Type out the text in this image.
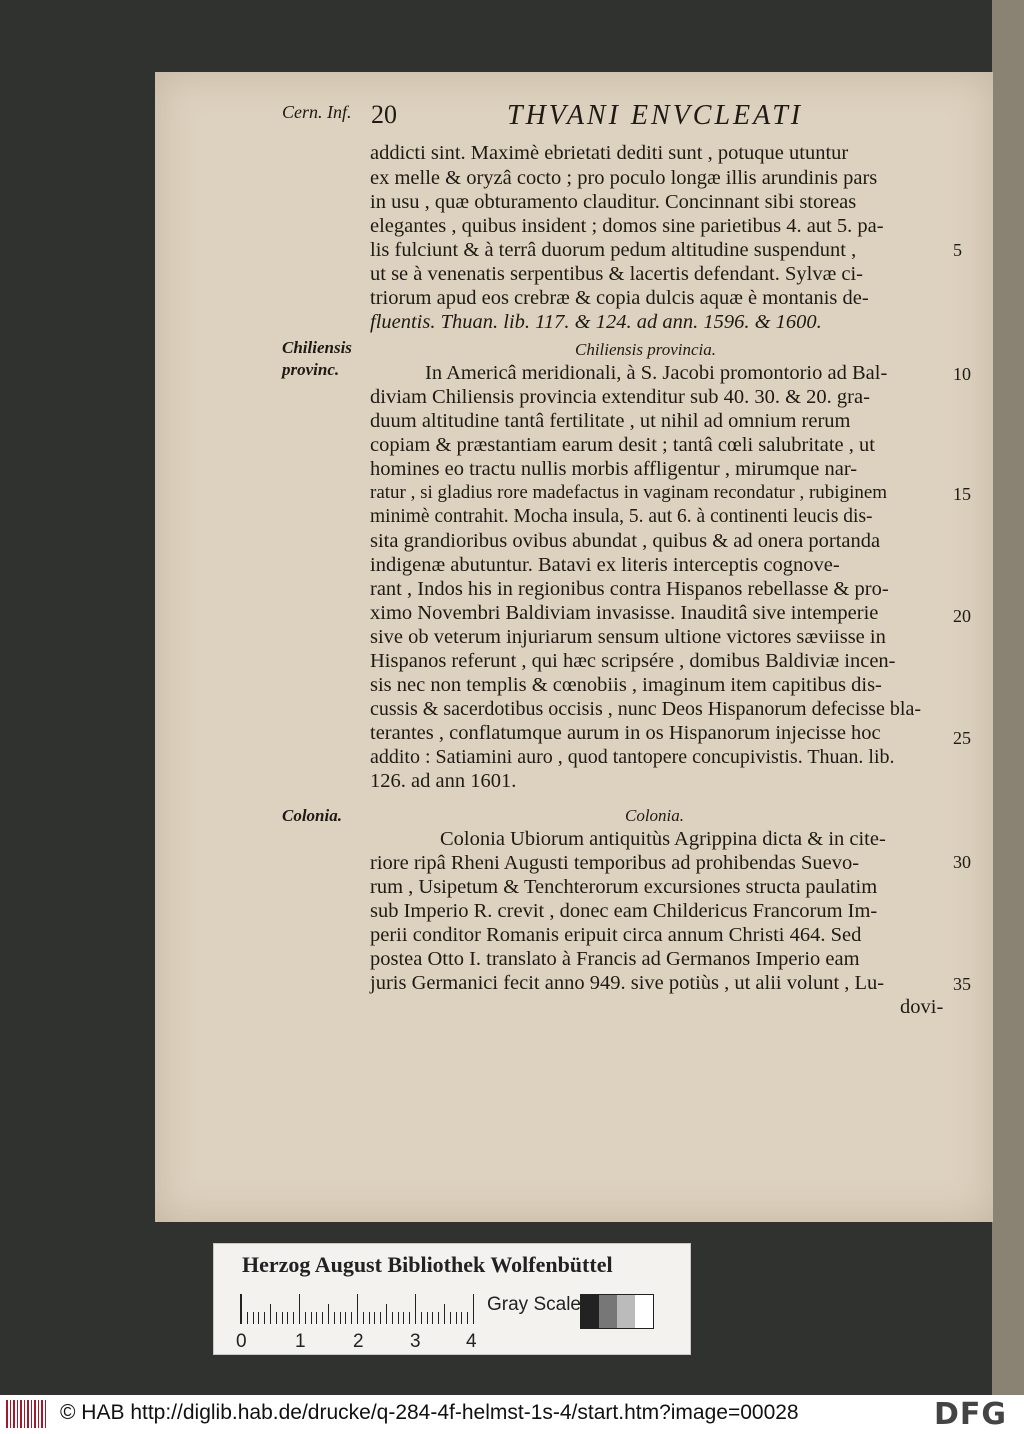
Cern. Inf. 20	THVANI ENVCLEATI
addicti sint. Maximè ebrietati dediti sunt , potuque utuntur
ex melle & oryzâ cocto ; pro poculo longæ illis arundinis pars
in usu , quæ obturamento clauditur. Concinnant sibi storeas
elegantes , quibus insident ; domos sine parietibus 4. aut 5. pa-
lis fulciunt & à terrâ duorum pedum altitudine suspendunt ,
ut se à venenatis serpentibus & lacertis defendant. Sylvæ ci-
triorum apud eos crebræ & copia dulcis aquæ è montanis de-
fluentis. Thuan. lib. 117. & 124. ad ann. 1596. & 1600.
Chiliensis
provinc.
Chiliensis provincia.
In Americâ meridionali, à S. Jacobi promontorio ad Bal-
diviam Chiliensis provincia extenditur sub 40. 30. & 20. gra-
duum altitudine tantâ fertilitate , ut nihil ad omnium rerum
copiam & præstantiam earum desit ; tantâ cœli salubritate , ut
homines eo tractu nullis morbis affligentur , mirumque nar-
ratur , si gladius rore madefactus in vaginam recondatur , rubiginem
minimè contrahit. Mocha insula, 5. aut 6. à continenti leucis dis-
sita grandioribus ovibus abundat , quibus & ad onera portanda
indigenæ abutuntur. Batavi ex literis interceptis cognove-
rant , Indos his in regionibus contra Hispanos rebellasse & pro-
ximo Novembri Baldiviam invasisse. Inauditâ sive intemperie
sive ob veterum injuriarum sensum ultione victores sæviisse in
Hispanos referunt , qui hæc scripsére , domibus Baldiviæ incen-
sis nec non templis & cœnobiis , imaginum item capitibus dis-
cussis & sacerdotibus occisis , nunc Deos Hispanorum defecisse bla-
terantes , conflatumque aurum in os Hispanorum injecisse hoc
addito : Satiamini auro , quod tantopere concupivistis. Thuan. lib.
126. ad ann 1601.
Colonia.	Colonia.
Colonia Ubiorum antiquitùs Agrippina dicta & in cite-
riore ripâ Rheni Augusti temporibus ad prohibendas Suevo-
rum , Usipetum & Tenchterorum excursiones structa paulatim
sub Imperio R. crevit , donec eam Childericus Francorum Im-
perii conditor Romanis eripuit circa annum Christi 464. Sed
postea Otto I. translato à Francis ad Germanos Imperio eam
juris Germanici fecit anno 949. sive potiùs , ut alii volunt , Lu-
dovi-
5
10
15
20
25
30
35
Herzog August Bibliothek Wolfenbüttel
0	1 2 3 4
Gray Scale
© HAB http://diglib.hab.de/drucke/q-284-4f-helmst-1s-4/start.htm?image=00028	DFG
